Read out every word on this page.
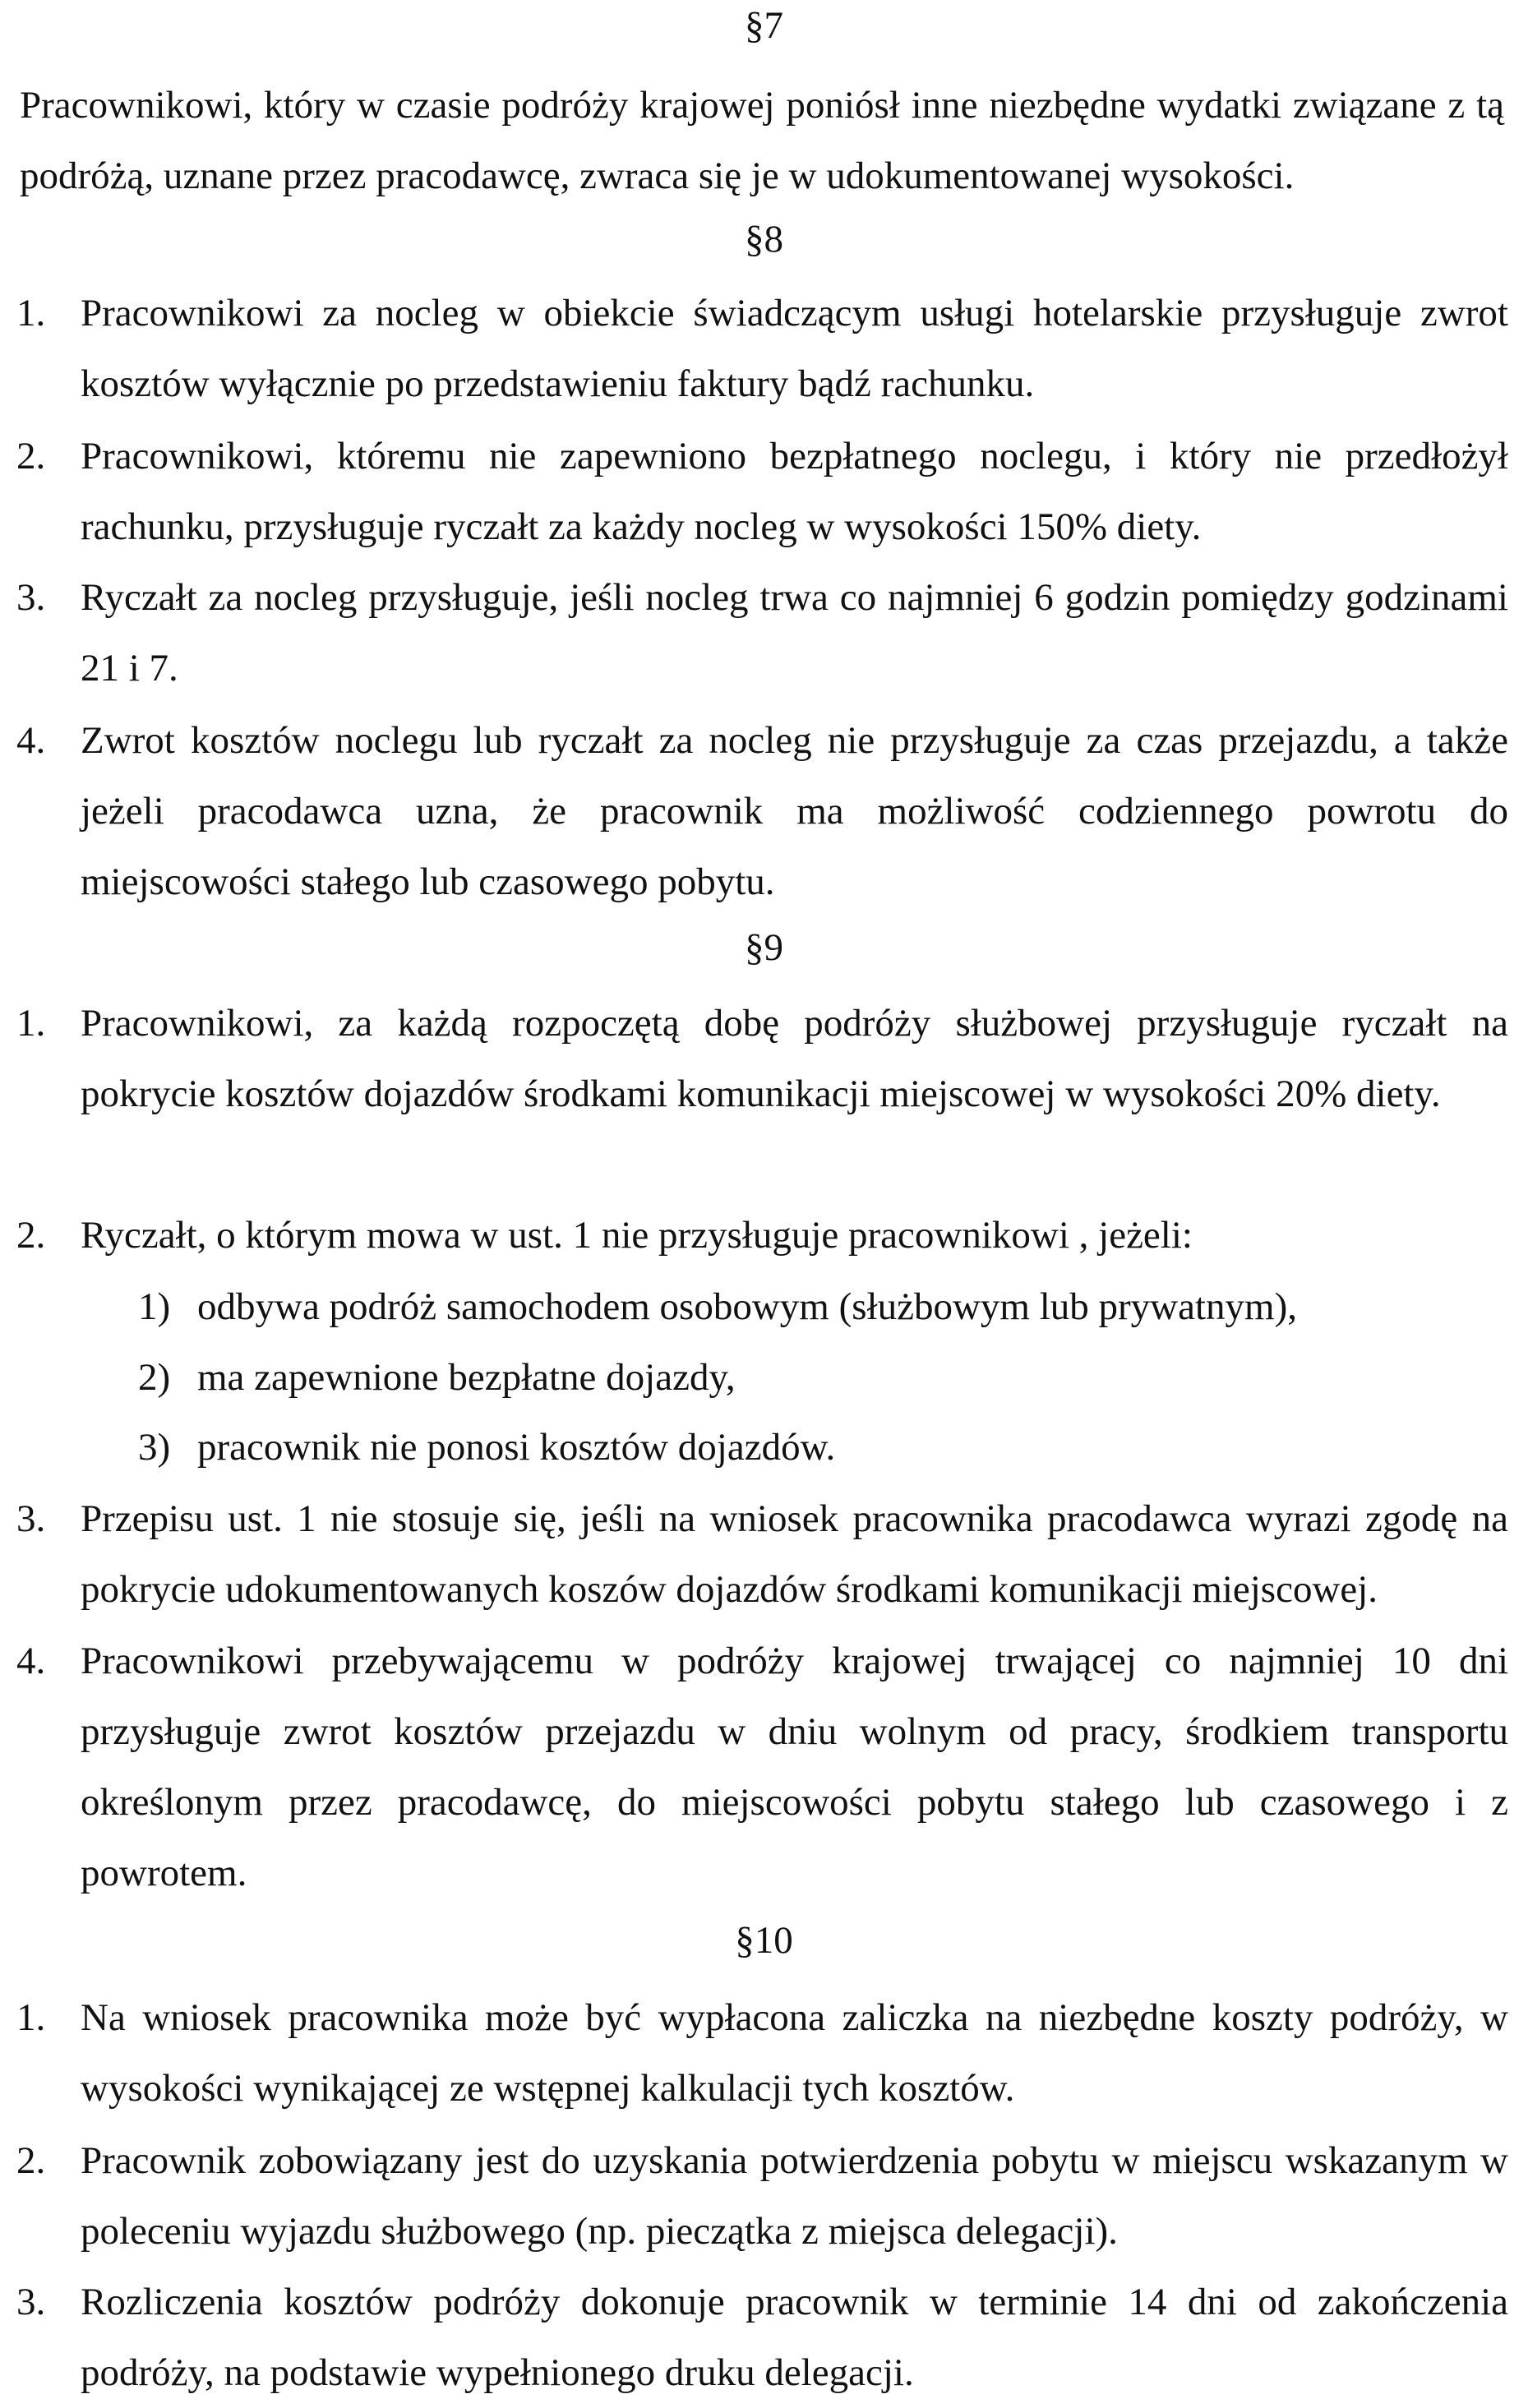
§7
Pracownikowi, który w czasie podróży krajowej poniósł inne niezbędne wydatki związane z tą podróżą, uznane przez pracodawcę, zwraca się je w udokumentowanej wysokości.
§8
1. Pracownikowi za nocleg w obiekcie świadczącym usługi hotelarskie przysługuje zwrot kosztów wyłącznie po przedstawieniu faktury bądź rachunku.
2. Pracownikowi, któremu nie zapewniono bezpłatnego noclegu, i który nie przedłożył rachunku, przysługuje ryczałt za każdy nocleg w wysokości 150% diety.
3. Ryczałt za nocleg przysługuje, jeśli nocleg trwa co najmniej 6 godzin pomiędzy godzinami 21 i 7.
4. Zwrot kosztów noclegu lub ryczałt za nocleg nie przysługuje za czas przejazdu, a także jeżeli pracodawca uzna, że pracownik ma możliwość codziennego powrotu do miejscowości stałego lub czasowego pobytu.
§9
1. Pracownikowi, za każdą rozpoczętą dobę podróży służbowej przysługuje ryczałt na pokrycie kosztów dojazdów środkami komunikacji miejscowej w wysokości 20% diety.
2. Ryczałt, o którym mowa w ust. 1 nie przysługuje pracownikowi , jeżeli:
1) odbywa podróż samochodem osobowym (służbowym lub prywatnym),
2) ma zapewnione bezpłatne dojazdy,
3) pracownik nie ponosi kosztów dojazdów.
3. Przepisu ust. 1 nie stosuje się, jeśli na wniosek pracownika pracodawca wyrazi zgodę na pokrycie udokumentowanych koszów dojazdów środkami komunikacji miejscowej.
4. Pracownikowi przebywającemu w podróży krajowej trwającej co najmniej 10 dni przysługuje zwrot kosztów przejazdu w dniu wolnym od pracy, środkiem transportu określonym przez pracodawcę, do miejscowości pobytu stałego lub czasowego i z powrotem.
§10
1. Na wniosek pracownika może być wypłacona zaliczka na niezbędne koszty podróży, w wysokości wynikającej ze wstępnej kalkulacji tych kosztów.
2. Pracownik zobowiązany jest do uzyskania potwierdzenia pobytu w miejscu wskazanym w poleceniu wyjazdu służbowego (np. pieczątka z miejsca delegacji).
3. Rozliczenia kosztów podróży dokonuje pracownik w terminie 14 dni od zakończenia podróży, na podstawie wypełnionego druku delegacji.
